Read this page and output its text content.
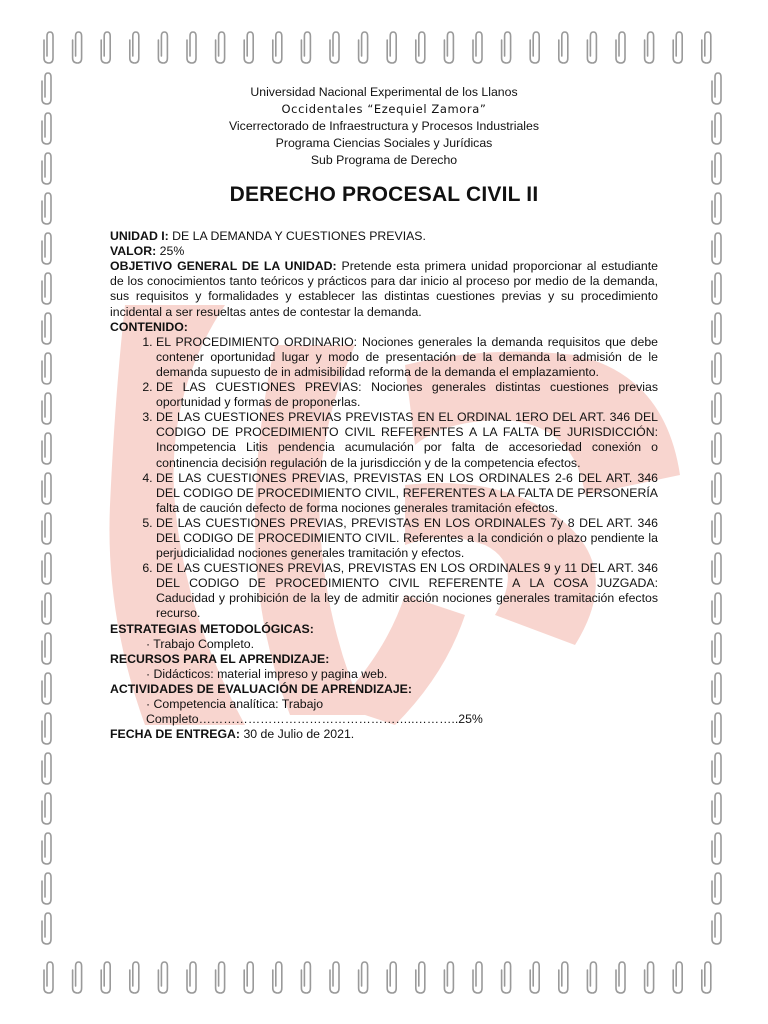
Universidad Nacional Experimental de los Llanos
Occidentales “Ezequiel Zamora”
Vicerrectorado de Infraestructura y Procesos Industriales
Programa Ciencias Sociales y Jurídicas
Sub Programa de Derecho
DERECHO PROCESAL CIVIL II

UNIDAD I: DE LA DEMANDA Y CUESTIONES PREVIAS.

VALOR: 25%

OBJETIVO GENERAL DE LA UNIDAD: Pretende esta primera unidad proporcionar al estudiante de los conocimientos tanto teóricos y prácticos para dar inicio al proceso por medio de la demanda, sus requisitos y formalidades y establecer las distintas cuestiones previas y su procedimiento incidental a ser resueltas antes de contestar la demanda.

CONTENIDO:

1. EL PROCEDIMIENTO ORDINARIO: Nociones generales la demanda requisitos que debe contener oportunidad lugar y modo de presentación de la demanda la admisión de le demanda supuesto de in admisibilidad reforma de la demanda el emplazamiento.
2. DE LAS CUESTIONES PREVIAS: Nociones generales distintas cuestiones previas oportunidad y formas de proponerlas.
3. DE LAS CUESTIONES PREVIAS PREVISTAS EN EL ORDINAL 1ERO DEL ART. 346 DEL CODIGO DE PROCEDIMIENTO CIVIL REFERENTES A LA FALTA DE JURISDICCIÓN: Incompetencia Litis pendencia acumulación por falta de accesoriedad conexión o continencia decisión regulación de la jurisdicción y de la competencia efectos.
4. DE LAS CUESTIONES PREVIAS, PREVISTAS EN LOS ORDINALES 2-6 DEL ART. 346 DEL CODIGO DE PROCEDIMIENTO CIVIL, REFERENTES A LA FALTA DE PERSONERÍA falta de caución defecto de forma nociones generales tramitación efectos.
5. DE LAS CUESTIONES PREVIAS, PREVISTAS EN LOS ORDINALES 7y 8 DEL ART. 346 DEL CODIGO DE PROCEDIMIENTO CIVIL. Referentes a la condición o plazo pendiente la perjudicialidad nociones generales tramitación y efectos.
6. DE LAS CUESTIONES PREVIAS, PREVISTAS EN LOS ORDINALES 9 y 11 DEL ART. 346 DEL CODIGO DE PROCEDIMIENTO CIVIL REFERENTE A LA COSA JUZGADA: Caducidad y prohibición de la ley de admitir acción nociones generales tramitación efectos recurso.

ESTRATEGIAS METODOLÓGICAS:

· Trabajo Completo.

RECURSOS PARA EL APRENDIZAJE:

· Didácticos: material impreso y pagina web.

ACTIVIDADES DE EVALUACIÓN DE APRENDIZAJE:

· Competencia analítica: Trabajo Completo……………………………………………..………..25%

FECHA DE ENTREGA: 30 de Julio de 2021.
